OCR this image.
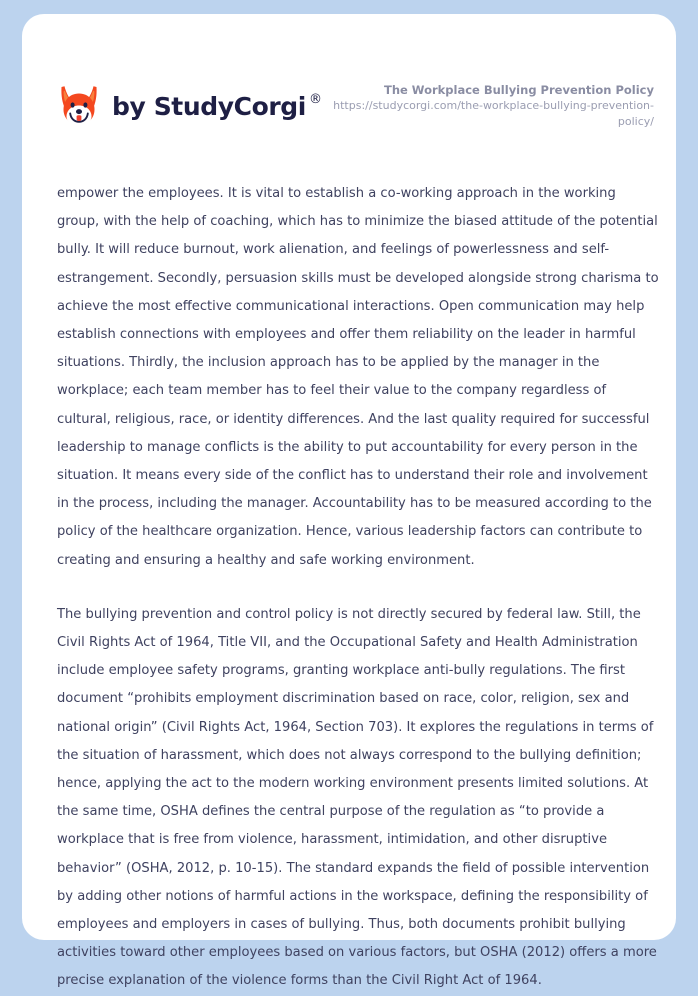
by StudyCorgi ®
The Workplace Bullying Prevention Policy
https://studycorgi.com/the-workplace-bullying-prevention-policy/

empower the employees. It is vital to establish a co-working approach in the working group, with the help of coaching, which has to minimize the biased attitude of the potential bully. It will reduce burnout, work alienation, and feelings of powerlessness and self-estrangement. Secondly, persuasion skills must be developed alongside strong charisma to achieve the most effective communicational interactions. Open communication may help establish connections with employees and offer them reliability on the leader in harmful situations. Thirdly, the inclusion approach has to be applied by the manager in the workplace; each team member has to feel their value to the company regardless of cultural, religious, race, or identity differences. And the last quality required for successful leadership to manage conflicts is the ability to put accountability for every person in the situation. It means every side of the conflict has to understand their role and involvement in the process, including the manager. Accountability has to be measured according to the policy of the healthcare organization. Hence, various leadership factors can contribute to creating and ensuring a healthy and safe working environment.

The bullying prevention and control policy is not directly secured by federal law. Still, the Civil Rights Act of 1964, Title VII, and the Occupational Safety and Health Administration include employee safety programs, granting workplace anti-bully regulations. The first document “prohibits employment discrimination based on race, color, religion, sex and national origin” (Civil Rights Act, 1964, Section 703). It explores the regulations in terms of the situation of harassment, which does not always correspond to the bullying definition; hence, applying the act to the modern working environment presents limited solutions. At the same time, OSHA defines the central purpose of the regulation as “to provide a workplace that is free from violence, harassment, intimidation, and other disruptive behavior” (OSHA, 2012, p. 10-15). The standard expands the field of possible intervention by adding other notions of harmful actions in the workspace, defining the responsibility of employees and employers in cases of bullying. Thus, both documents prohibit bullying activities toward other employees based on various factors, but OSHA (2012) offers a more precise explanation of the violence forms than the Civil Right Act of 1964.
